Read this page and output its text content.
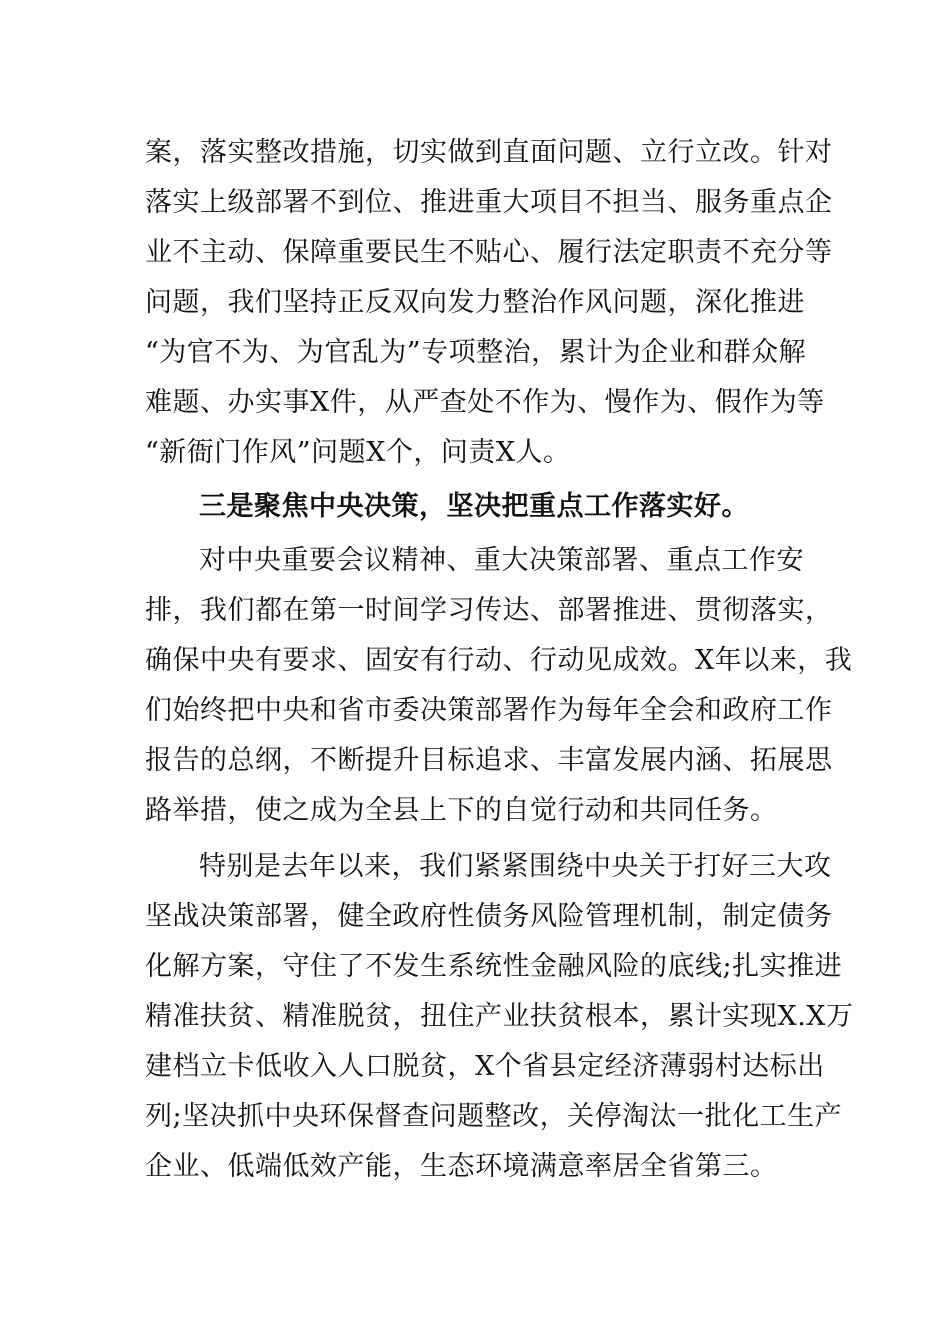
案，落实整改措施，切实做到直面问题、立行立改。针对
落实上级部署不到位、推进重大项目不担当、服务重点企
业不主动、保障重要民生不贴心、履行法定职责不充分等
问题，我们坚持正反双向发力整治作风问题，深化推进
“为官不为、为官乱为”专项整治，累计为企业和群众解
难题、办实事X件，从严查处不作为、慢作为、假作为等
“新衙门作风”问题X个，问责X人。
三是聚焦中央决策，坚决把重点工作落实好。
对中央重要会议精神、重大决策部署、重点工作安
排，我们都在第一时间学习传达、部署推进、贯彻落实，
确保中央有要求、固安有行动、行动见成效。X年以来，我
们始终把中央和省市委决策部署作为每年全会和政府工作
报告的总纲，不断提升目标追求、丰富发展内涵、拓展思
路举措，使之成为全县上下的自觉行动和共同任务。
特别是去年以来，我们紧紧围绕中央关于打好三大攻
坚战决策部署，健全政府性债务风险管理机制，制定债务
化解方案，守住了不发生系统性金融风险的底线;扎实推进
精准扶贫、精准脱贫，扭住产业扶贫根本，累计实现X.X万
建档立卡低收入人口脱贫，X个省县定经济薄弱村达标出
列;坚决抓中央环保督查问题整改，关停淘汰一批化工生产
企业、低端低效产能，生态环境满意率居全省第三。
